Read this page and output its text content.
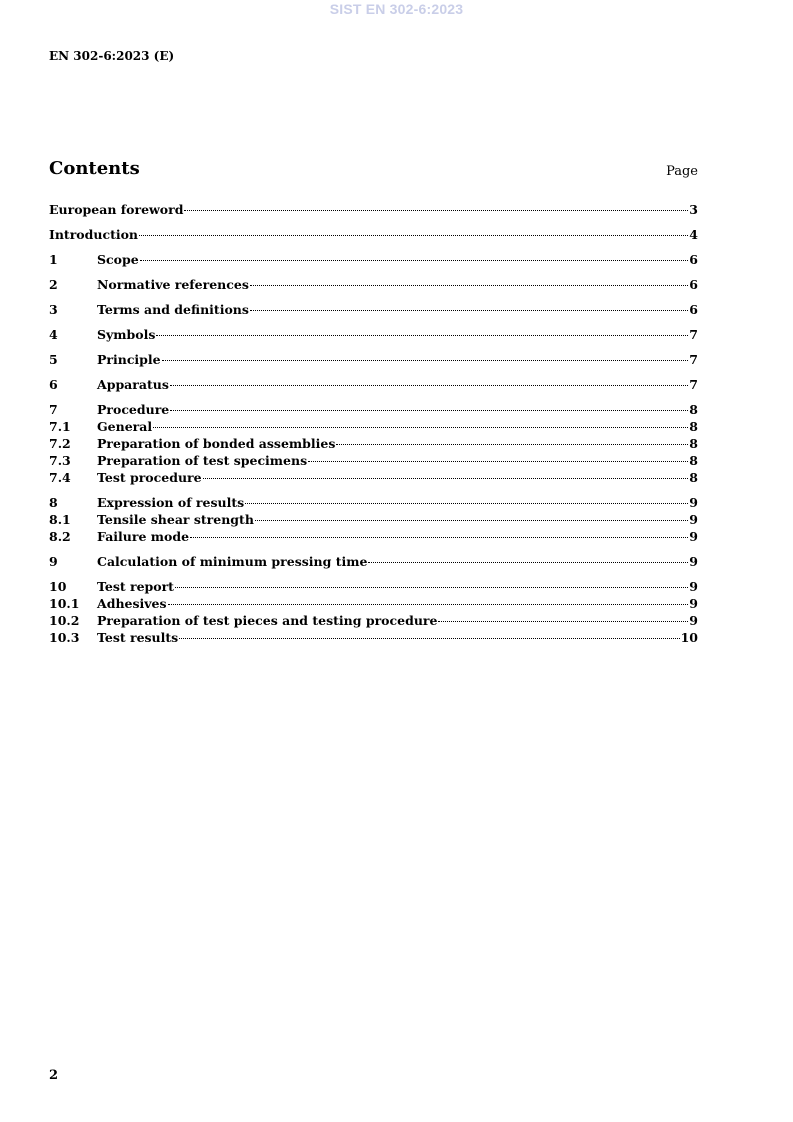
SIST EN 302-6:2023
EN 302-6:2023 (E)
Contents	Page
European foreword	3
Introduction	4
1	Scope	6
2	Normative references	6
3	Terms and definitions	6
4	Symbols	7
5	Principle	7
6	Apparatus	7
7	Procedure	8
7.1	General	8
7.2	Preparation of bonded assemblies	8
7.3	Preparation of test specimens	8
7.4	Test procedure	8
8	Expression of results	9
8.1	Tensile shear strength	9
8.2	Failure mode	9
9	Calculation of minimum pressing time	9
10	Test report	9
10.1	Adhesives	9
10.2	Preparation of test pieces and testing procedure	9
10.3	Test results	10
2
